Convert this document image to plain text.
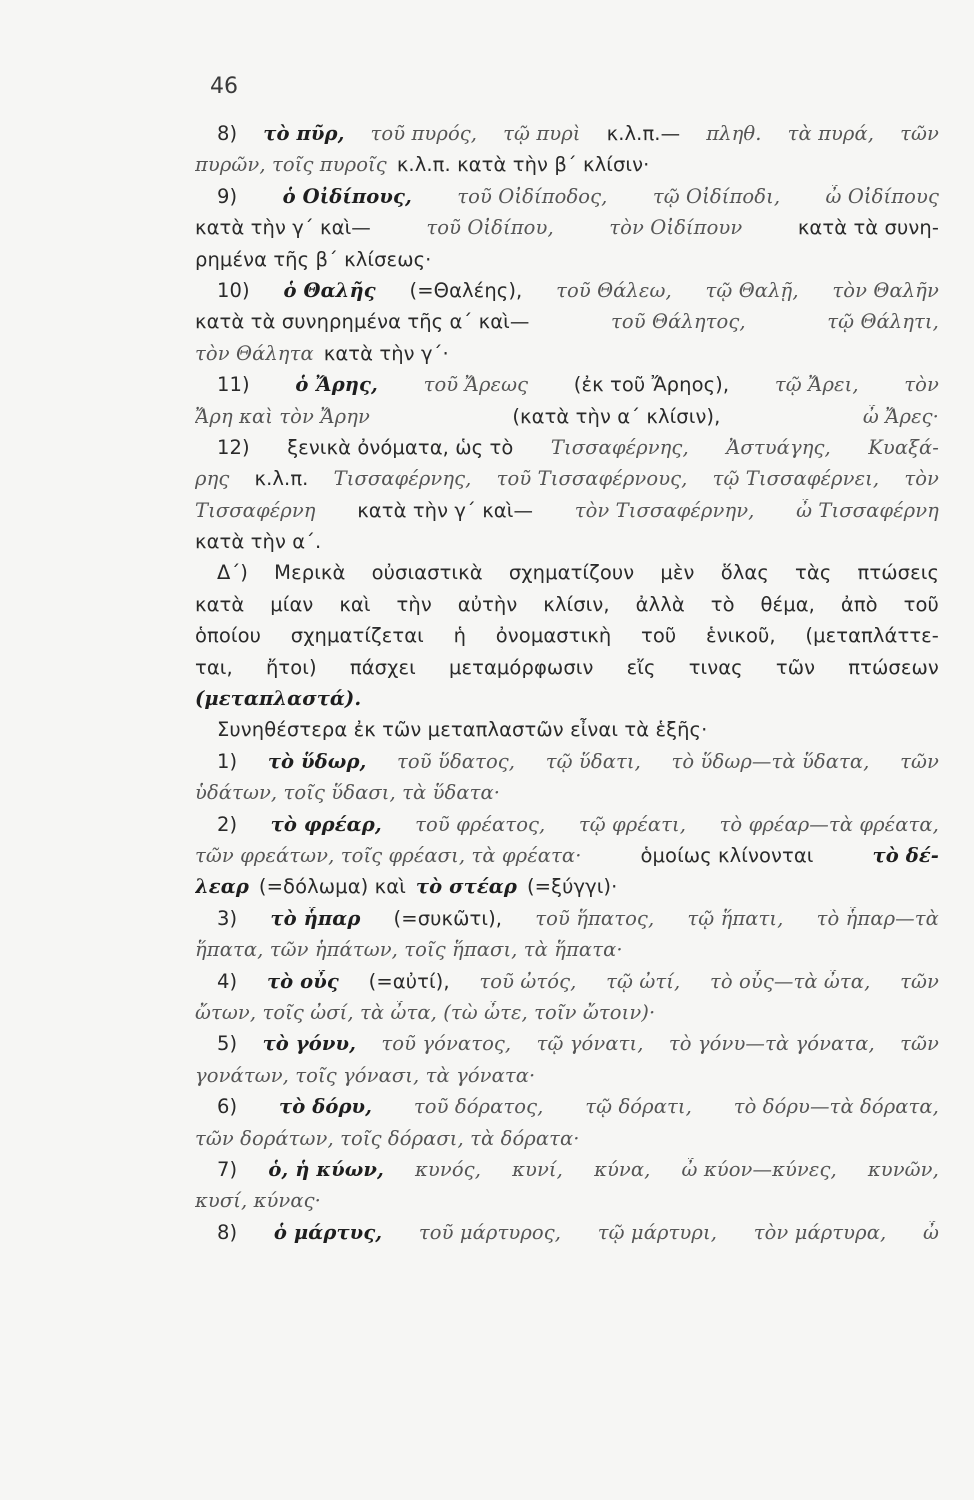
46
8) τὸ πῦρ, τοῦ πυρός, τῷ πυρὶ κ.λ.π.— πληθ. τὰ πυρά, τῶν
πυρῶν, τοῖς πυροῖς κ.λ.π. κατὰ τὴν β΄ κλίσιν·
9) ὁ Οἰδίπους, τοῦ Οἰδίποδος, τῷ Οἰδίποδι, ὦ Οἰδίπους
κατὰ τὴν γ΄ καὶ—	τοῦ Οἰδίπου,	τὸν Οἰδίπουν	κατὰ τὰ συνη-
ρημένα τῆς β΄ κλίσεως·
10) ὁ Θαλῆς (=Θαλέης), τοῦ Θάλεω, τῷ Θαλῇ, τὸν Θαλῆν
κατὰ τὰ συνηρημένα τῆς α΄ καὶ—	τοῦ Θάλητος,	τῷ Θάλητι,
τὸν Θάλητα κατὰ τὴν γ΄·
11) ὁ Ἄρης, τοῦ Ἄρεως (ἐκ τοῦ Ἄρηος), τῷ Ἄρει, τὸν
Ἄρη καὶ τὸν Ἄρην	(κατὰ τὴν α΄ κλίσιν),	ὦ Ἄρες·
12) ξενικὰ ὀνόματα, ὡς τὸ Τισσαφέρνης, Ἀστυάγης, Κυαξά-
ρης κ.λ.π. Τισσαφέρνης, τοῦ Τισσαφέρνους, τῷ Τισσαφέρνει, τὸν
Τισσαφέρνη κατὰ τὴν γ΄ καὶ— τὸν Τισσαφέρνην, ὦ Τισσαφέρνη
κατὰ τὴν α΄.
Δ΄) Μερικὰ οὐσιαστικὰ σχηματίζουν μὲν ὅλας τὰς πτώσεις
κατὰ μίαν καὶ τὴν αὐτὴν κλίσιν, ἀλλὰ τὸ θέμα, ἀπὸ τοῦ
ὁποίου σχηματίζεται ἡ ὀνομαστικὴ τοῦ ἑνικοῦ, (μεταπλάττε-
ται, ἤτοι) πάσχει μεταμόρφωσιν εἴς τινας τῶν πτώσεων
(μεταπλαστά).
Συνηθέστερα ἐκ τῶν μεταπλαστῶν εἶναι τὰ ἑξῆς·
1) τὸ ὕδωρ, τοῦ ὕδατος, τῷ ὕδατι, τὸ ὕδωρ—τὰ ὕδατα, τῶν
ὑδάτων, τοῖς ὕδασι, τὰ ὕδατα·
2) τὸ φρέαρ, τοῦ φρέατος, τῷ φρέατι, τὸ φρέαρ—τὰ φρέατα,
τῶν φρεάτων, τοῖς φρέασι, τὰ φρέατα·	ὁμοίως κλίνονται	τὸ δέ-
λεαρ (=δόλωμα) καὶ τὸ στέαρ (=ξύγγι)·
3) τὸ ἧπαρ (=συκῶτι), τοῦ ἥπατος, τῷ ἥπατι, τὸ ἧπαρ—τὰ
ἥπατα, τῶν ἡπάτων, τοῖς ἥπασι, τὰ ἥπατα·
4) τὸ οὖς (=αὐτί), τοῦ ὠτός, τῷ ὠτί, τὸ οὖς—τὰ ὦτα, τῶν
ὤτων, τοῖς ὠσί, τὰ ὦτα, (τὼ ὦτε, τοῖν ὤτοιν)·
5) τὸ γόνυ, τοῦ γόνατος, τῷ γόνατι, τὸ γόνυ—τὰ γόνατα, τῶν
γονάτων, τοῖς γόνασι, τὰ γόνατα·
6) τὸ δόρυ, τοῦ δόρατος, τῷ δόρατι, τὸ δόρυ—τὰ δόρατα,
τῶν δοράτων, τοῖς δόρασι, τὰ δόρατα·
7) ὁ, ἡ κύων, κυνός, κυνί, κύνα, ὦ κύον—κύνες, κυνῶν,
κυσί, κύνας·
8) ὁ μάρτυς, τοῦ μάρτυρος, τῷ μάρτυρι, τὸν μάρτυρα, ὦ
